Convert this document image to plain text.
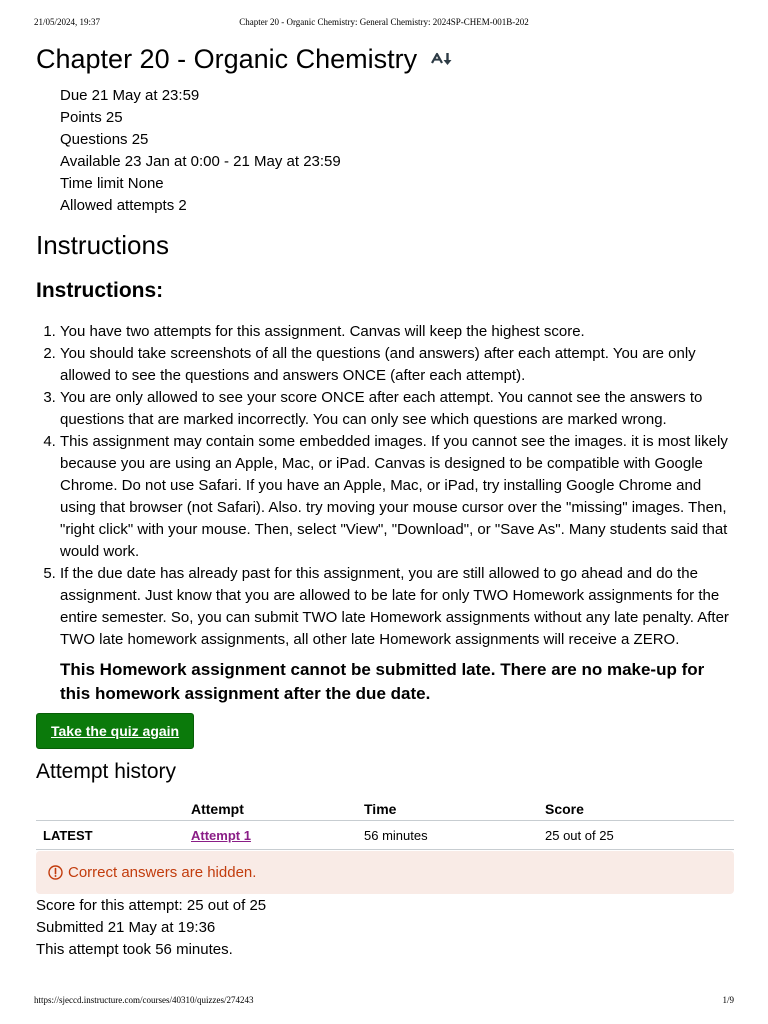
21/05/2024, 19:37	Chapter 20 - Organic Chemistry: General Chemistry: 2024SP-CHEM-001B-202
Chapter 20 - Organic Chemistry
Due 21 May at 23:59
Points 25
Questions 25
Available 23 Jan at 0:00 - 21 May at 23:59
Time limit None
Allowed attempts 2
Instructions
Instructions:
1. You have two attempts for this assignment. Canvas will keep the highest score.
2. You should take screenshots of all the questions (and answers) after each attempt. You are only allowed to see the questions and answers ONCE (after each attempt).
3. You are only allowed to see your score ONCE after each attempt. You cannot see the answers to questions that are marked incorrectly. You can only see which questions are marked wrong.
4. This assignment may contain some embedded images. If you cannot see the images. it is most likely because you are using an Apple, Mac, or iPad. Canvas is designed to be compatible with Google Chrome. Do not use Safari. If you have an Apple, Mac, or iPad, try installing Google Chrome and using that browser (not Safari). Also. try moving your mouse cursor over the "missing" images. Then, "right click" with your mouse. Then, select "View", "Download", or "Save As". Many students said that would work.
5. If the due date has already past for this assignment, you are still allowed to go ahead and do the assignment. Just know that you are allowed to be late for only TWO Homework assignments for the entire semester. So, you can submit TWO late Homework assignments without any late penalty. After TWO late homework assignments, all other late Homework assignments will receive a ZERO.
This Homework assignment cannot be submitted late. There are no make-up for this homework assignment after the due date.
Take the quiz again
Attempt history
	Attempt	Time	Score
LATEST	Attempt 1	56 minutes	25 out of 25
Correct answers are hidden.
Score for this attempt: 25 out of 25
Submitted 21 May at 19:36
This attempt took 56 minutes.
https://sjeccd.instructure.com/courses/40310/quizzes/274243	1/9
